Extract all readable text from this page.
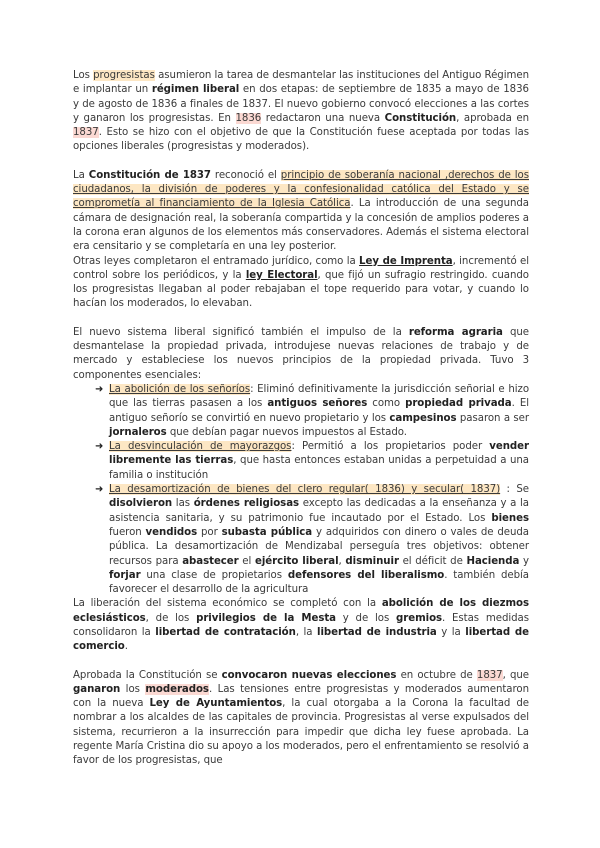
Los progresistas asumieron la tarea de desmantelar las instituciones del Antiguo Régimen e implantar un régimen liberal en dos etapas: de septiembre de 1835 a mayo de 1836 y de agosto de 1836 a finales de 1837. El nuevo gobierno convocó elecciones a las cortes y ganaron los progresistas. En 1836 redactaron una nueva Constitución, aprobada en 1837. Esto se hizo con el objetivo de que la Constitución fuese aceptada por todas las opciones liberales (progresistas y moderados).

La Constitución de 1837 reconoció el principio de soberanía nacional ,derechos de los ciudadanos, la división de poderes y la confesionalidad católica del Estado y se comprometía al financiamiento de la Iglesia Católica. La introducción de una segunda cámara de designación real, la soberanía compartida y la concesión de amplios poderes a la corona eran algunos de los elementos más conservadores. Además el sistema electoral era censitario y se completaría en una ley posterior.

Otras leyes completaron el entramado jurídico, como la Ley de Imprenta, incrementó el control sobre los periódicos, y la ley Electoral, que fijó un sufragio restringido. cuando los progresistas llegaban al poder rebajaban el tope requerido para votar, y cuando lo hacían los moderados, lo elevaban.

El nuevo sistema liberal significó también el impulso de la reforma agraria que desmantelase la propiedad privada, introdujese nuevas relaciones de trabajo y de mercado y estableciese los nuevos principios de la propiedad privada. Tuvo 3 componentes esenciales:

➜ La abolición de los señoríos: Eliminó definitivamente la jurisdicción señorial e hizo que las tierras pasasen a los antiguos señores como propiedad privada. El antiguo señorío se convirtió en nuevo propietario y los campesinos pasaron a ser jornaleros que debían pagar nuevos impuestos al Estado.
➜ La desvinculación de mayorazgos: Permitió a los propietarios poder vender libremente las tierras, que hasta entonces estaban unidas a perpetuidad a una familia o institución
➜ La desamortización de bienes del clero regular( 1836) y secular( 1837) : Se disolvieron las órdenes religiosas excepto las dedicadas a la enseñanza y a la asistencia sanitaria, y su patrimonio fue incautado por el Estado. Los bienes fueron vendidos por subasta pública y adquiridos con dinero o vales de deuda pública. La desamortización de Mendizabal perseguía tres objetivos: obtener recursos para abastecer el ejército liberal, disminuir el déficit de Hacienda y forjar una clase de propietarios defensores del liberalismo. también debía favorecer el desarrollo de la agricultura

La liberación del sistema económico se completó con la abolición de los diezmos eclesiásticos, de los privilegios de la Mesta y de los gremios. Estas medidas consolidaron la libertad de contratación, la libertad de industria y la libertad de comercio.

Aprobada la Constitución se convocaron nuevas elecciones en octubre de 1837, que ganaron los moderados. Las tensiones entre progresistas y moderados aumentaron con la nueva Ley de Ayuntamientos, la cual otorgaba a la Corona la facultad de nombrar a los alcaldes de las capitales de provincia. Progresistas al verse expulsados del sistema, recurrieron a la insurrección para impedir que dicha ley fuese aprobada. La regente María Cristina dio su apoyo a los moderados, pero el enfrentamiento se resolvió a favor de los progresistas, que
